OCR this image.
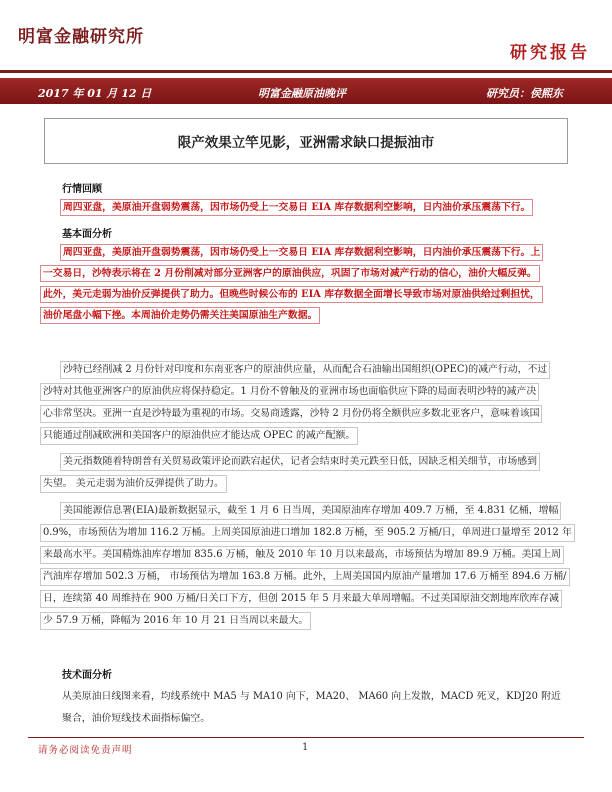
明富金融研究所
研究报告
2017 年 01 月 12 日	明富金融原油晚评	研究员：侯熙东
限产效果立竿见影，亚洲需求缺口提振油市
行情回顾
周四亚盘，美原油开盘弱势震荡，因市场仍受上一交易日 EIA 库存数据利空影响，日内油价承压震荡下行。
基本面分析

周四亚盘，美原油开盘弱势震荡，因市场仍受上一交易日 EIA 库存数据利空影响，日内油价承压震荡下行。上

一交易日，沙特表示将在 2 月份削减对部分亚洲客户的原油供应，巩固了市场对减产行动的信心，油价大幅反弹。

此外，美元走弱为油价反弹提供了助力。但晚些时候公布的 EIA 库存数据全面增长导致市场对原油供给过剩担忧，

油价尾盘小幅下挫。本周油价走势仍需关注美国原油生产数据。

沙特已经削减 2 月份针对印度和东南亚客户的原油供应量，从而配合石油输出国组织(OPEC)的减产行动，不过
沙特对其他亚洲客户的原油供应将保持稳定。1 月份不曾触及的亚洲市场也面临供应下降的局面表明沙特的减产决
心非常坚决。亚洲一直是沙特最为重视的市场。交易商透露，沙特 2 月份仍将全额供应多数北亚客户，意味着该国
只能通过削减欧洲和美国客户的原油供应才能达成 OPEC 的减产配额。
美元指数随着特朗普有关贸易政策评论而跌宕起伏，记者会结束时美元跌至日低，因缺乏相关细节，市场感到
失望。 美元走弱为油价反弹提供了助力。
美国能源信息署(EIA)最新数据显示，截至 1 月 6 日当周，美国原油库存增加 409.7 万桶，至 4.831 亿桶，增幅
0.9%，市场预估为增加 116.2 万桶。上周美国原油进口增加 182.8 万桶，至 905.2 万桶/日，单周进口量增至 2012 年
来最高水平。美国精炼油库存增加 835.6 万桶，触及 2010 年 10 月以来最高，市场预估为增加 89.9 万桶。美国上周
汽油库存增加 502.3 万桶， 市场预估为增加 163.8 万桶。此外，上周美国国内原油产量增加 17.6 万桶至 894.6 万桶/
日，连续第 40 周维持在 900 万桶/日关口下方，但创 2015 年 5 月来最大单周增幅。不过美国原油交割地库欣库存减
少 57.9 万桶，降幅为 2016 年 10 月 21 日当周以来最大。
技术面分析
从美原油日线图来看，均线系统中 MA5 与 MA10 向下，MA20、 MA60 向上发散，MACD 死叉，KDJ20 附近
聚合，油价短线技术面指标偏空。
请务必阅读免责声明	1
